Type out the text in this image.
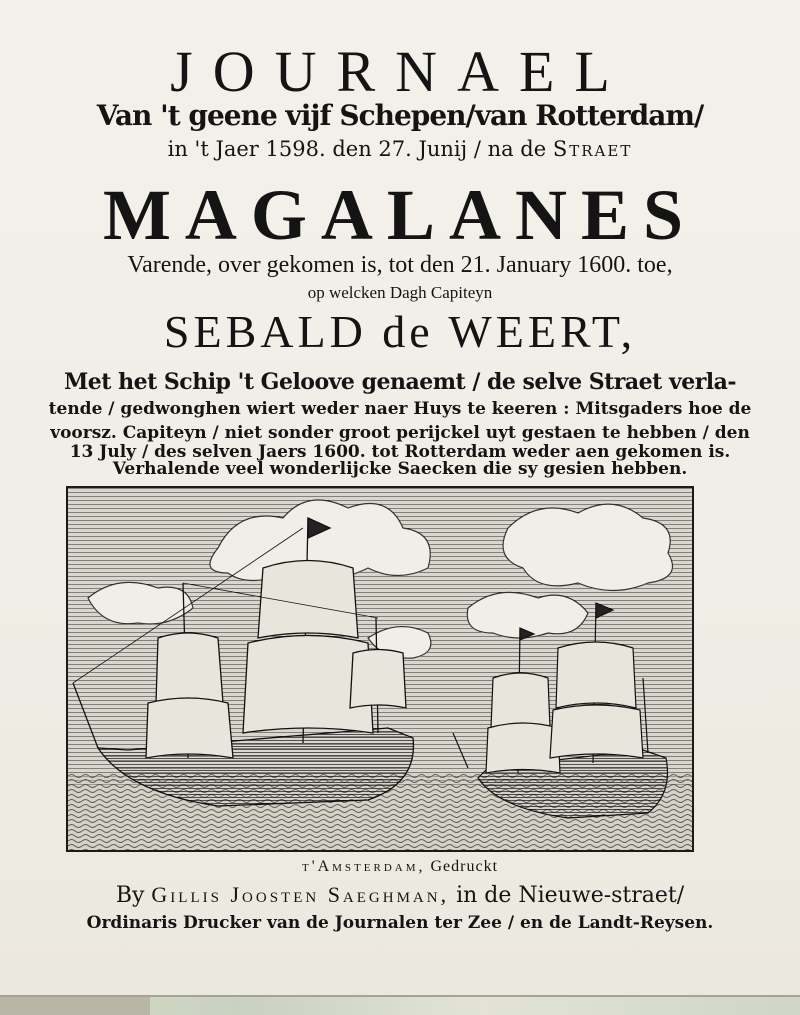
JOURNAEL
Van 't geene vijf Schepen/van Rotterdam/
in 't Jaer 1598. den 27. Junij / na de Straet
MAGALANES
Varende, over gekomen is, tot den 21. January 1600. toe,
op welcken Dagh Capiteyn
SEBALD de WEERT,
Met het Schip 't Geloove genaemt / de selve Straet verla-
tende / gedwonghen wiert weder naer Huys te keeren : Mitsgaders hoe de
voorsz. Capiteyn / niet sonder groot perijckel uyt gestaen te hebben / den
13 July / des selven Jaers 1600. tot Rotterdam weder aen gekomen is.
Verhalende veel wonderlijcke Saecken die sy gesien hebben.
t'Amsterdam, Gedruckt
By Gillis Joosten Saeghman, in de Nieuwe-straet/
Ordinaris Drucker van de Journalen ter Zee / en de Landt-Reysen.
